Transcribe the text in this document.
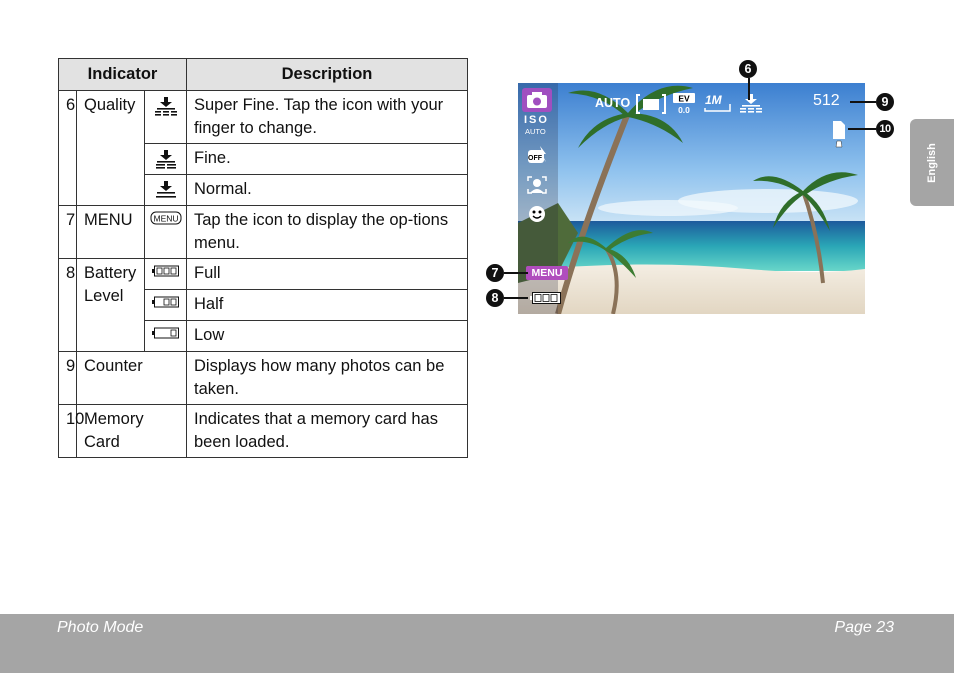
Indicator			Description
6	Quality		Super Fine. Tap the icon with your finger to change.
	Fine.
	Normal.
7	MENU	MENU	Tap the icon to display the op-tions menu.
8	Battery Level		Full
	Half
	Low
9	Counter		Displays how many photos can be taken.
10	Memory Card		Indicates that a memory card has been loaded.
ISO
AUTO
OFF
AUTO	EV
0.0
1M	512
MENU
6
9
10
7
8
English
Photo Mode	Page 23
